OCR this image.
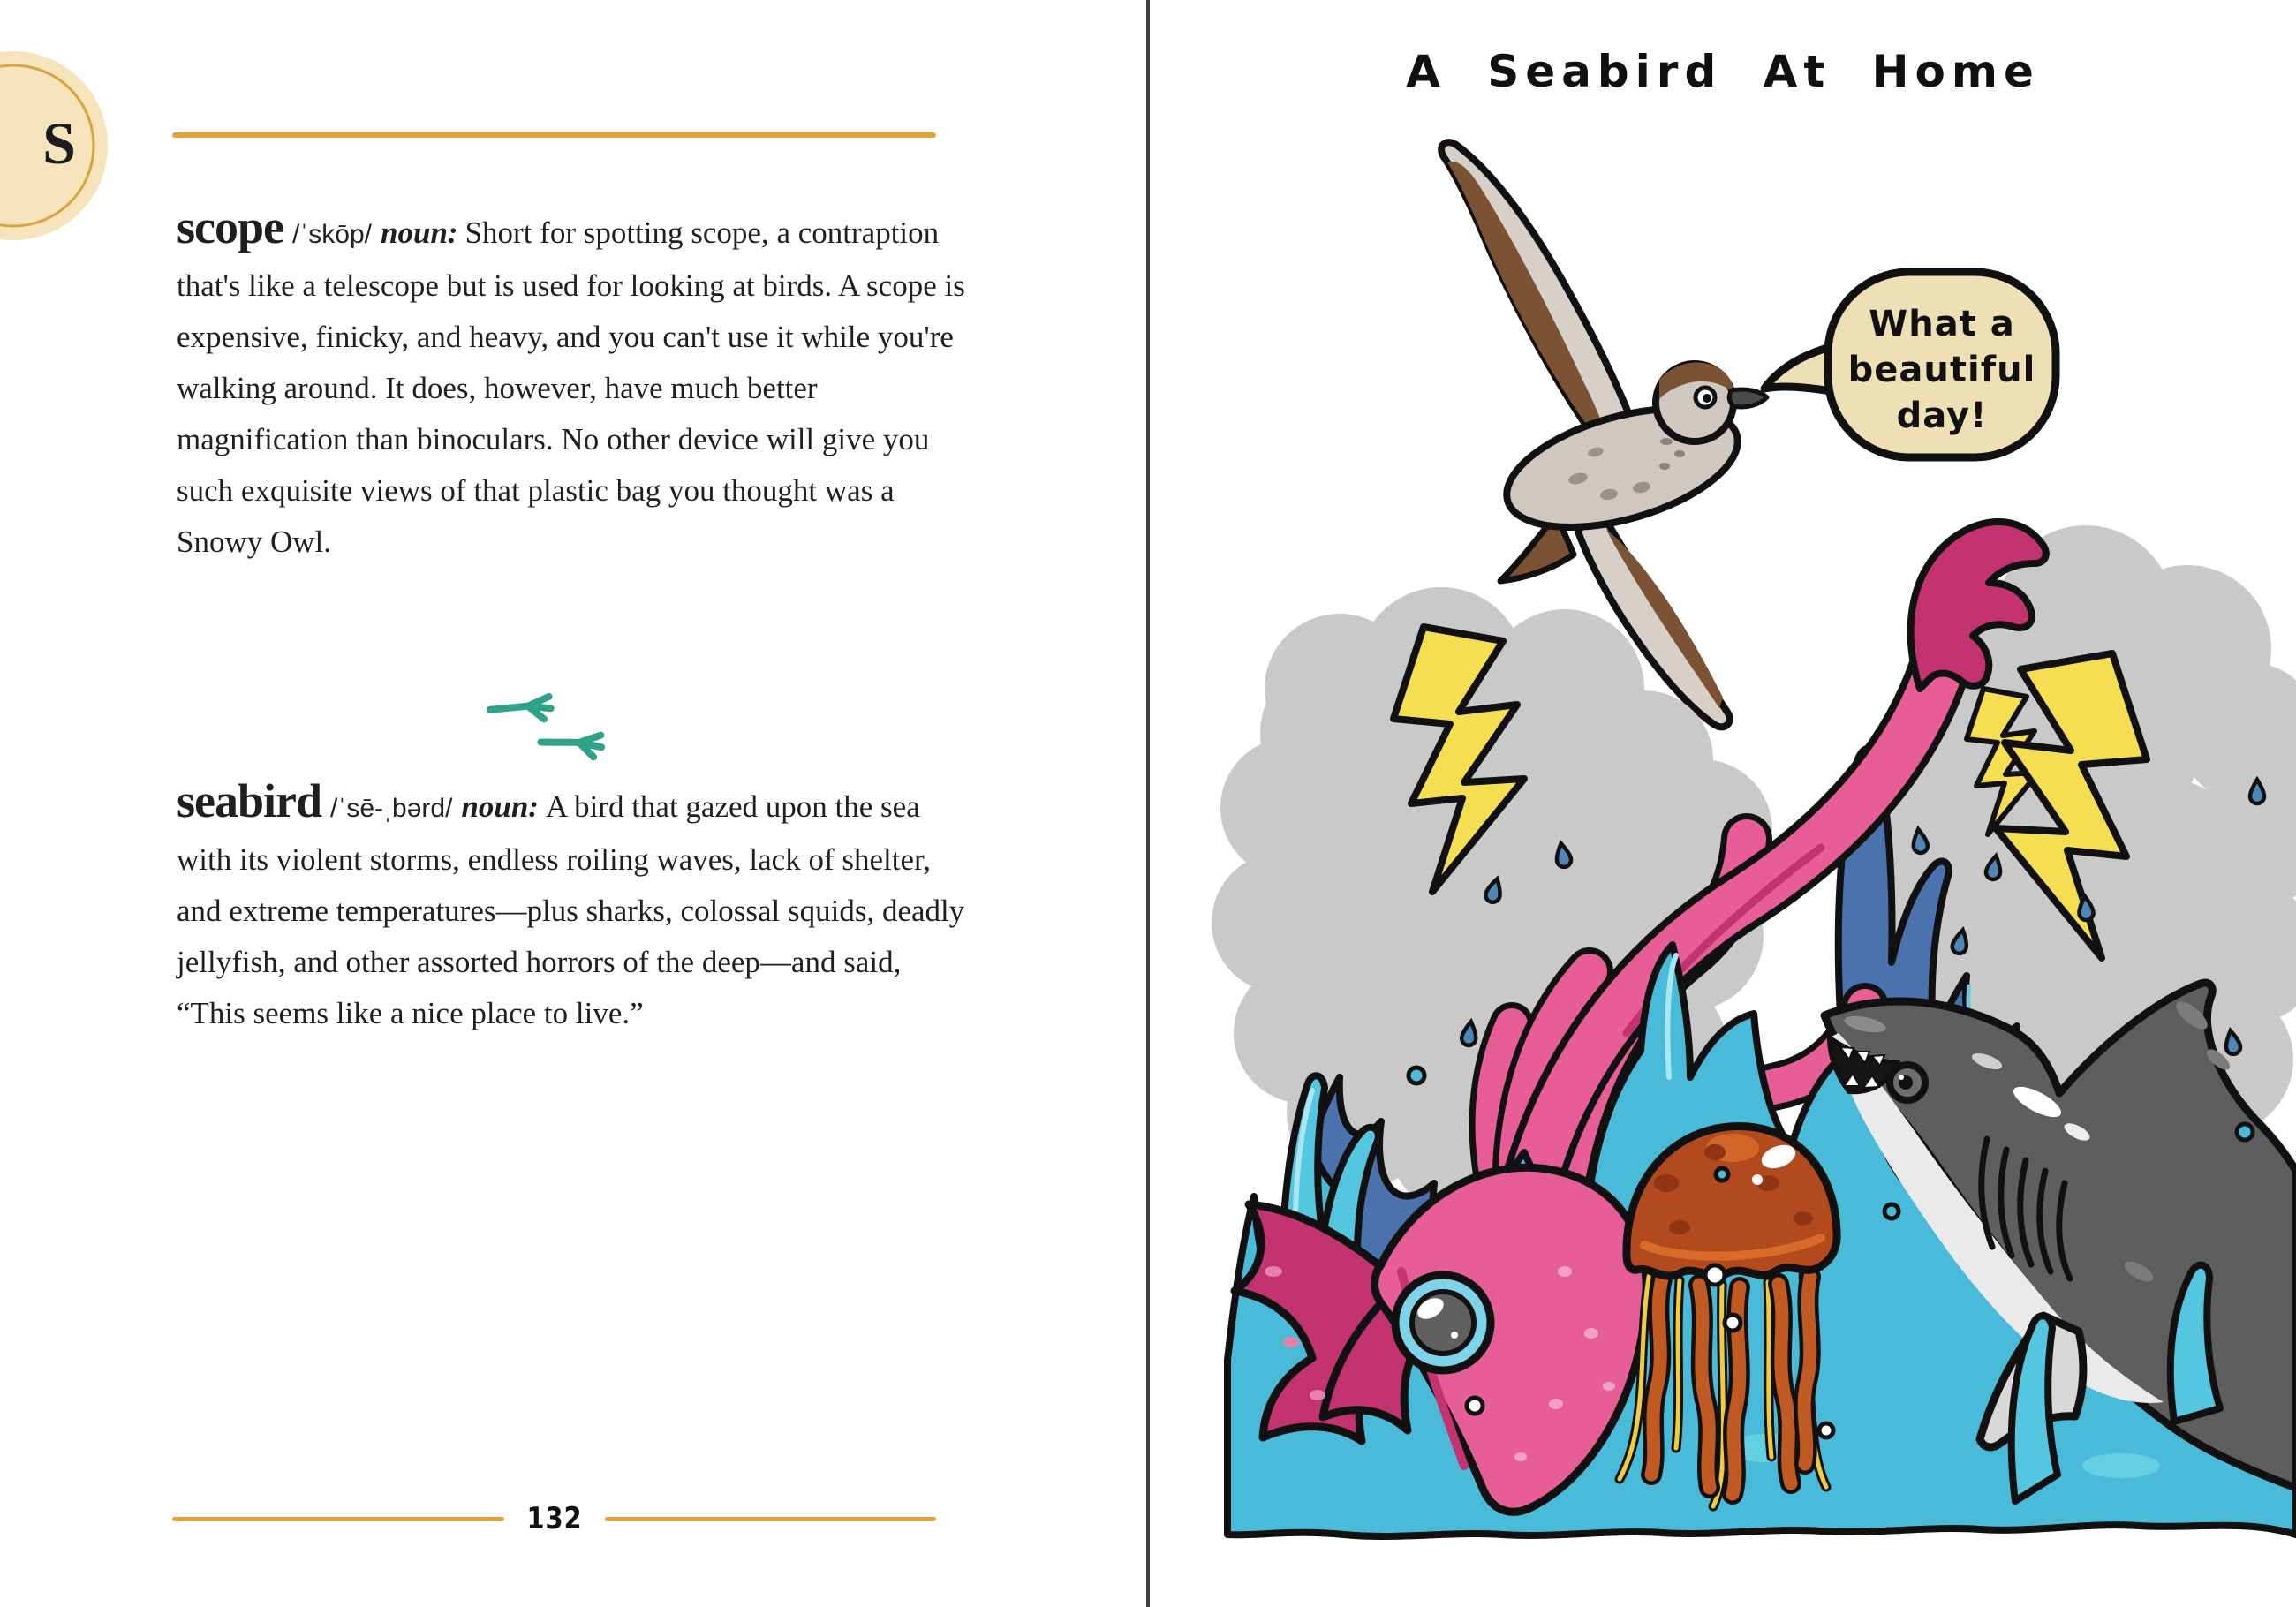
S
scope /ˈskōp/ noun: Short for spotting scope, a contraption that's like a telescope but is used for looking at birds. A scope is expensive, finicky, and heavy, and you can't use it while you're walking around. It does, however, have much better magnification than binoculars. No other device will give you such exquisite views of that plastic bag you thought was a Snowy Owl.
seabird /ˈsē-ˌbərd/ noun: A bird that gazed upon the sea with its violent storms, endless roiling waves, lack of shelter, and extreme temperatures—plus sharks, colossal squids, deadly jellyfish, and other assorted horrors of the deep—and said, “This seems like a nice place to live.”
132
A Seabird At Home
What a
beautiful
day!
